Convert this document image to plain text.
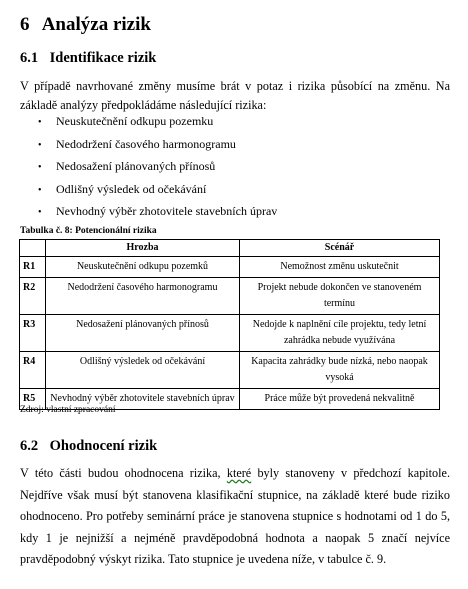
6 Analýza rizik
6.1 Identifikace rizik

V případě navrhované změny musíme brát v potaz i rizika působící na změnu. Na základě analýzy předpokládáme následující rizika:

• Neuskutečnění odkupu pozemku
• Nedodržení časového harmonogramu
• Nedosažení plánovaných přínosů
• Odlišný výsledek od očekávání
• Nevhodný výběr zhotovitele stavebních úprav
Tabulka č. 8: Potencionální rizika
	Hrozba	Scénář
R1	Neuskutečnění odkupu pozemků	Nemožnost změnu uskutečnit
R2	Nedodržení časového harmonogramu	Projekt nebude dokončen ve stanoveném termínu
R3	Nedosažení plánovaných přínosů	Nedojde k naplnění cíle projektu, tedy letní zahrádka nebude využívána
R4	Odlišný výsledek od očekávání	Kapacita zahrádky bude nízká, nebo naopak vysoká
R5	Nevhodný výběr zhotovitele stavebních úprav	Práce může být provedená nekvalitně
Zdroj: vlastní zpracování
6.2 Ohodnocení rizik

V této části budou ohodnocena rizika, které byly stanoveny v předchozí kapitole. Nejdříve však musí být stanovena klasifikační stupnice, na základě které bude riziko ohodnoceno. Pro potřeby seminární práce je stanovena stupnice s hodnotami od 1 do 5, kdy 1 je nejnižší a nejméně pravděpodobná hodnota a naopak 5 značí nejvíce pravděpodobný výskyt rizika. Tato stupnice je uvedena níže, v tabulce č. 9.
